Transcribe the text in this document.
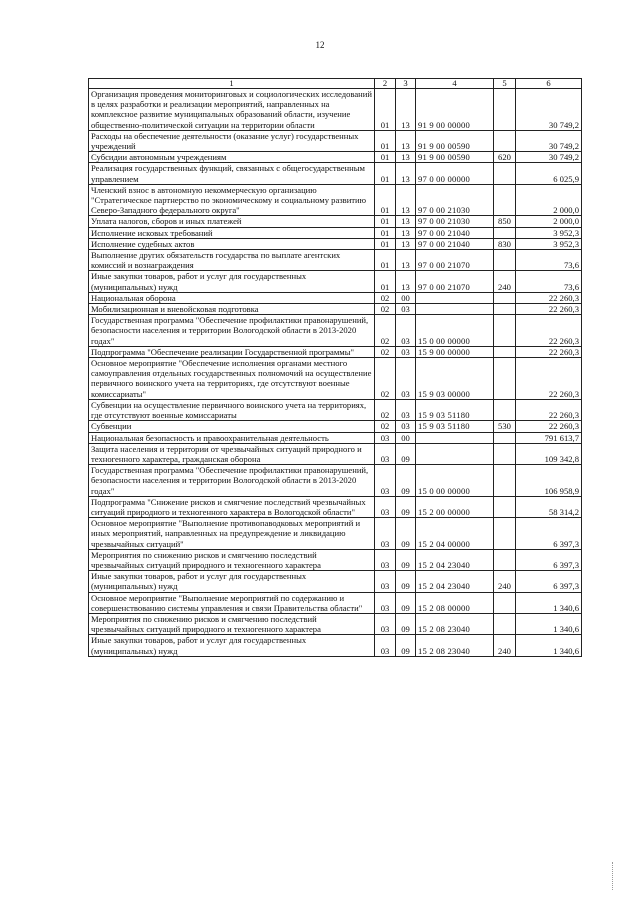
12
1	2	3	4	5	6
Организация проведения мониторинговых и социологических исследований в целях разработки и реализации мероприятий, направленных на комплексное развитие муниципальных образований области, изучение общественно-политической ситуации на территории области	01	13	91 9 00 00000		30 749,2
Расходы на обеспечение деятельности (оказание услуг) государственных учреждений	01	13	91 9 00 00590		30 749,2
Субсидии автономным учреждениям	01	13	91 9 00 00590	620	30 749,2
Реализация государственных функций, связанных с общегосударственным управлением	01	13	97 0 00 00000		6 025,9
Членский взнос в автономную некоммерческую организацию "Стратегическое партнерство по экономическому и социальному развитию Северо-Западного федерального округа"	01	13	97 0 00 21030		2 000,0
Уплата налогов, сборов и иных платежей	01	13	97 0 00 21030	850	2 000,0
Исполнение исковых требований	01	13	97 0 00 21040		3 952,3
Исполнение судебных актов	01	13	97 0 00 21040	830	3 952,3
Выполнение других обязательств государства по выплате агентских комиссий и вознаграждения	01	13	97 0 00 21070		73,6
Иные закупки товаров, работ и услуг для государственных (муниципальных) нужд	01	13	97 0 00 21070	240	73,6
Национальная оборона	02	00			22 260,3
Мобилизационная и вневойсковая подготовка	02	03			22 260,3
Государственная программа "Обеспечение профилактики правонарушений, безопасности населения и территории Вологодской области в 2013-2020 годах"	02	03	15 0 00 00000		22 260,3
Подпрограмма "Обеспечение реализации Государственной программы"	02	03	15 9 00 00000		22 260,3
Основное мероприятие "Обеспечение исполнения органами местного самоуправления отдельных государственных полномочий на осуществление первичного воинского учета на территориях, где отсутствуют военные комиссариаты"	02	03	15 9 03 00000		22 260,3
Субвенции на осуществление первичного воинского учета на территориях, где отсутствуют военные комиссариаты	02	03	15 9 03 51180		22 260,3
Субвенции	02	03	15 9 03 51180	530	22 260,3
Национальная безопасность и правоохранительная деятельность	03	00			791 613,7
Защита населения и территории от чрезвычайных ситуаций природного и техногенного характера, гражданская оборона	03	09			109 342,8
Государственная программа "Обеспечение профилактики правонарушений, безопасности населения и территории Вологодской области в 2013-2020 годах"	03	09	15 0 00 00000		106 958,9
Подпрограмма "Снижение рисков и смягчение последствий чрезвычайных ситуаций природного и техногенного характера в Вологодской области"	03	09	15 2 00 00000		58 314,2
Основное мероприятие "Выполнение противопаводковых мероприятий и иных мероприятий, направленных на предупреждение и ликвидацию чрезвычайных ситуаций"	03	09	15 2 04 00000		6 397,3
Мероприятия по снижению рисков и смягчению последствий чрезвычайных ситуаций природного и техногенного характера	03	09	15 2 04 23040		6 397,3
Иные закупки товаров, работ и услуг для государственных (муниципальных) нужд	03	09	15 2 04 23040	240	6 397,3
Основное мероприятие "Выполнение мероприятий по содержанию и совершенствованию системы управления и связи Правительства области"	03	09	15 2 08 00000		1 340,6
Мероприятия по снижению рисков и смягчению последствий чрезвычайных ситуаций природного и техногенного характера	03	09	15 2 08 23040		1 340,6
Иные закупки товаров, работ и услуг для государственных (муниципальных) нужд	03	09	15 2 08 23040	240	1 340,6
